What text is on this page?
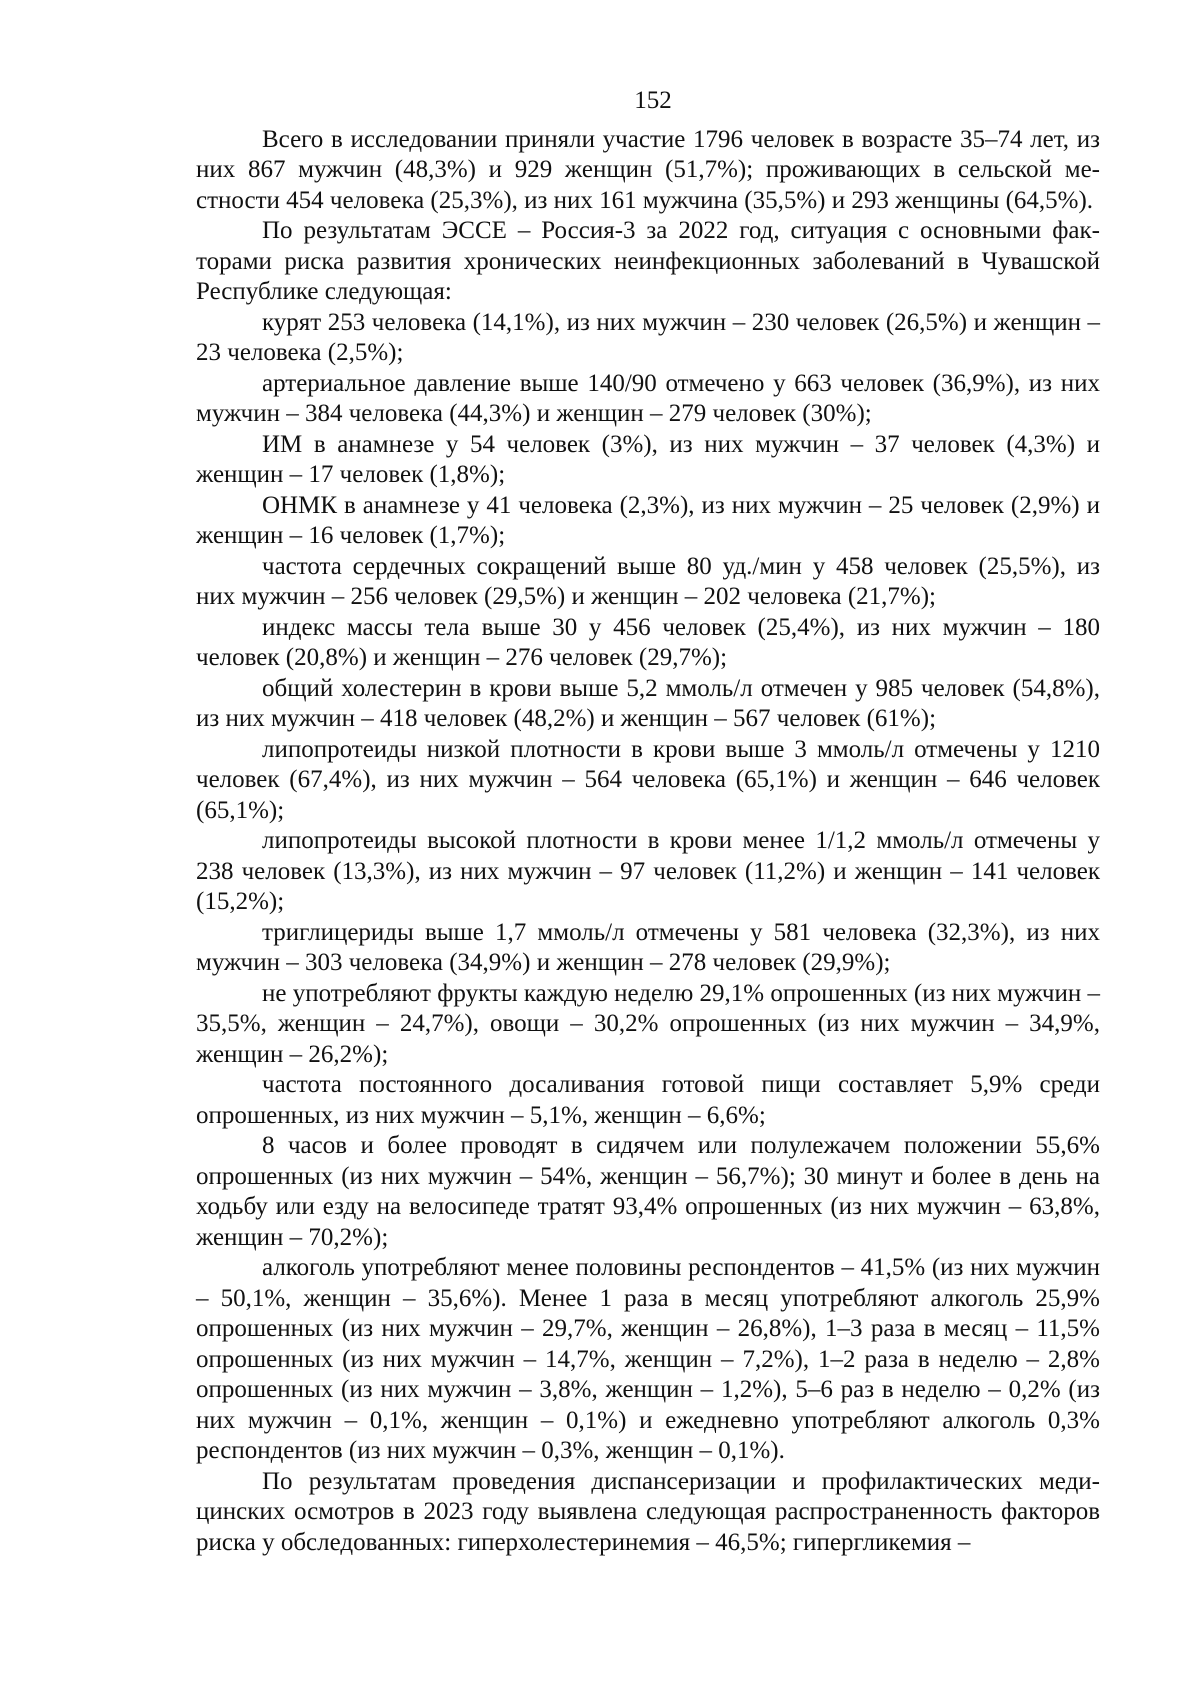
152

Всего в исследовании приняли участие 1796 человек в возрасте 35–74 лет, из них 867 мужчин (48,3%) и 929 женщин (51,7%); проживающих в сельской местности 454 человека (25,3%), из них 161 мужчина (35,5%) и 293 женщины (64,5%).

По результатам ЭССЕ – Россия-3 за 2022 год, ситуация с основными факторами риска развития хронических неинфекционных заболеваний в Чувашской Республике следующая:

курят 253 человека (14,1%), из них мужчин – 230 человек (26,5%) и женщин – 23 человека (2,5%);

артериальное давление выше 140/90 отмечено у 663 человек (36,9%), из них мужчин – 384 человека (44,3%) и женщин – 279 человек (30%);

ИМ в анамнезе у 54 человек (3%), из них мужчин – 37 человек (4,3%) и женщин – 17 человек (1,8%);

ОНМК в анамнезе у 41 человека (2,3%), из них мужчин – 25 человек (2,9%) и женщин – 16 человек (1,7%);

частота сердечных сокращений выше 80 уд./мин у 458 человек (25,5%), из них мужчин – 256 человек (29,5%) и женщин – 202 человека (21,7%);

индекс массы тела выше 30 у 456 человек (25,4%), из них мужчин – 180 человек (20,8%) и женщин – 276 человек (29,7%);

общий холестерин в крови выше 5,2 ммоль/л отмечен у 985 человек (54,8%), из них мужчин – 418 человек (48,2%) и женщин – 567 человек (61%);

липопротеиды низкой плотности в крови выше 3 ммоль/л отмечены у 1210 человек (67,4%), из них мужчин – 564 человека (65,1%) и женщин – 646 человек (65,1%);

липопротеиды высокой плотности в крови менее 1/1,2 ммоль/л отмечены у 238 человек (13,3%), из них мужчин – 97 человек (11,2%) и женщин – 141 человек (15,2%);

триглицериды выше 1,7 ммоль/л отмечены у 581 человека (32,3%), из них мужчин – 303 человека (34,9%) и женщин – 278 человек (29,9%);

не употребляют фрукты каждую неделю 29,1% опрошенных (из них мужчин – 35,5%, женщин – 24,7%), овощи – 30,2% опрошенных (из них мужчин – 34,9%, женщин – 26,2%);

частота постоянного досаливания готовой пищи составляет 5,9% среди опрошенных, из них мужчин – 5,1%, женщин – 6,6%;

8 часов и более проводят в сидячем или полулежачем положении 55,6% опрошенных (из них мужчин – 54%, женщин – 56,7%); 30 минут и более в день на ходьбу или езду на велосипеде тратят 93,4% опрошенных (из них мужчин – 63,8%, женщин – 70,2%);

алкоголь употребляют менее половины респондентов – 41,5% (из них мужчин – 50,1%, женщин – 35,6%). Менее 1 раза в месяц употребляют алкоголь 25,9% опрошенных (из них мужчин – 29,7%, женщин – 26,8%), 1–3 раза в месяц – 11,5% опрошенных (из них мужчин – 14,7%, женщин – 7,2%), 1–2 раза в неделю – 2,8% опрошенных (из них мужчин – 3,8%, женщин – 1,2%), 5–6 раз в неделю – 0,2% (из них мужчин – 0,1%, женщин – 0,1%) и ежедневно употребляют алкоголь 0,3% респондентов (из них мужчин – 0,3%, женщин – 0,1%).

По результатам проведения диспансеризации и профилактических медицинских осмотров в 2023 году выявлена следующая распространенность факторов риска у обследованных: гиперхолестеринемия – 46,5%; гипергликемия –
